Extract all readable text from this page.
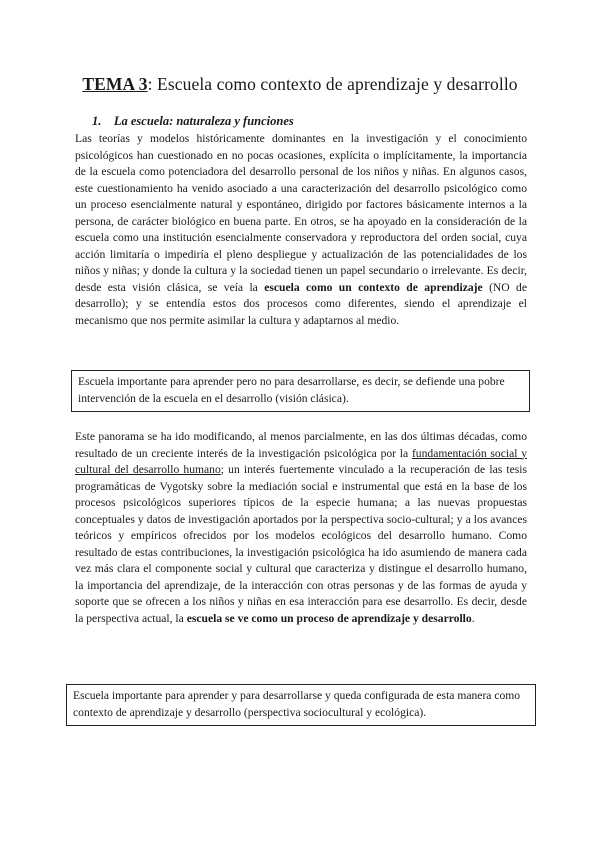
TEMA 3: Escuela como contexto de aprendizaje y desarrollo
1. La escuela: naturaleza y funciones

Las teorías y modelos históricamente dominantes en la investigación y el conocimiento psicológicos han cuestionado en no pocas ocasiones, explícita o implícitamente, la importancia de la escuela como potenciadora del desarrollo personal de los niños y niñas. En algunos casos, este cuestionamiento ha venido asociado a una caracterización del desarrollo psicológico como un proceso esencialmente natural y espontáneo, dirigido por factores básicamente internos a la persona, de carácter biológico en buena parte. En otros, se ha apoyado en la consideración de la escuela como una institución esencialmente conservadora y reproductora del orden social, cuya acción limitaría o impediría el pleno despliegue y actualización de las potencialidades de los niños y niñas; y donde la cultura y la sociedad tienen un papel secundario o irrelevante. Es decir, desde esta visión clásica, se veía la escuela como un contexto de aprendizaje (NO de desarrollo); y se entendía estos dos procesos como diferentes, siendo el aprendizaje el mecanismo que nos permite asimilar la cultura y adaptarnos al medio.

Escuela importante para aprender pero no para desarrollarse, es decir, se defiende una pobre intervención de la escuela en el desarrollo (visión clásica).

Este panorama se ha ido modificando, al menos parcialmente, en las dos últimas décadas, como resultado de un creciente interés de la investigación psicológica por la fundamentación social y cultural del desarrollo humano; un interés fuertemente vinculado a la recuperación de las tesis programáticas de Vygotsky sobre la mediación social e instrumental que está en la base de los procesos psicológicos superiores típicos de la especie humana; a las nuevas propuestas conceptuales y datos de investigación aportados por la perspectiva socio-cultural; y a los avances teóricos y empíricos ofrecidos por los modelos ecológicos del desarrollo humano. Como resultado de estas contribuciones, la investigación psicológica ha ido asumiendo de manera cada vez más clara el componente social y cultural que caracteriza y distingue el desarrollo humano, la importancia del aprendizaje, de la interacción con otras personas y de las formas de ayuda y soporte que se ofrecen a los niños y niñas en esa interacción para ese desarrollo. Es decir, desde la perspectiva actual, la escuela se ve como un proceso de aprendizaje y desarrollo.

Escuela importante para aprender y para desarrollarse y queda configurada de esta manera como contexto de aprendizaje y desarrollo (perspectiva sociocultural y ecológica).
